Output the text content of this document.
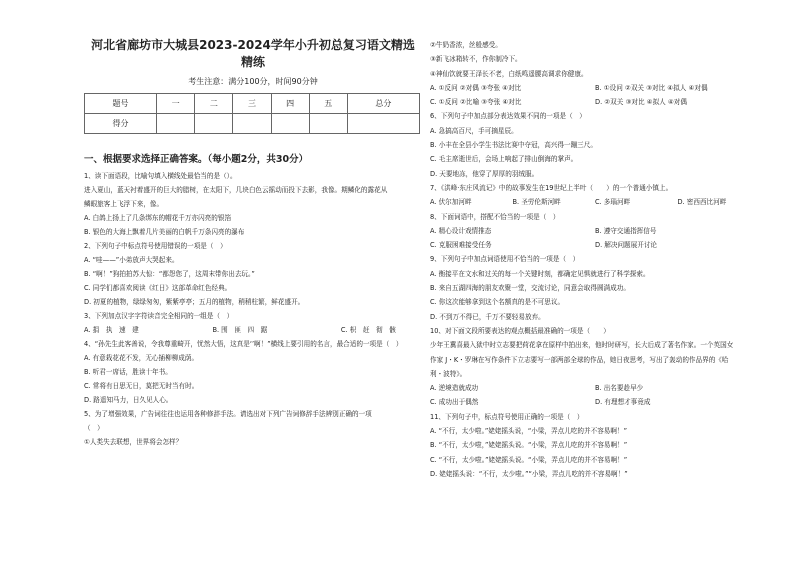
河北省廊坊市大城县2023-2024学年小升初总复习语文精选
精练
考生注意：满分100分，时间90分钟
题号	一	二	三	四	五	总分
得分						
一、根据要求选择正确答案。（每小题2分，共30分）
1、读下面语段，比喻句填入横线处最恰当的是（）。
进入夏山，蓝天衬着盛开的巨大的腊树，在太阳下，几块白色云摇动而投下去影，我像。期鳞化的露花从
鳞眼旅客上飞浮下来，像。
A. 白鸽上扬上了几条绑东的帽花千万亦闪亮的银箔
B. 银色的大海上飘着几片美丽的白帆千万条闪亮的瀑布
2、下列句子中标点符号使用错误的一项是（　）
A. “哇——”小弟放声大哭起来。
B. “啊！”狗拍拍苏大惊：“都怨您了，这周末带你出去玩。”
C. 同学们都喜欢阅读《红日》这部革命红色经典。
D. 初夏的植物，绿绿匆匆，紫紫亭亭；五月的植物，稍稍柱繁，鲜花盛开。
3、下列加点汉字字符读音完全相同的一组是（　）
A. 捐　执　速　建	B. 围　匪　四　踞	C. 枳　赶　彻　骸
4、“孙先生此客善说，令我尊重畸开，忧然大悟，这真是‘’啊！”横线上要引用的名言，最合适的一项是（　）
A. 有意栽花花不发，无心插柳柳成荫。
B. 听君一席话，胜读十年书。
C. 常将有日思无日，莫把无时当有时。
D. 路遥知马力，日久见人心。
5、为了增强效果，广告词往往也运用各种修辞手法。请选出对下列广告词修辞手法辨别正确的一项
（　）
①人类失去联想，世界将会怎样？
②牛奶香浓，丝般感受。
③新飞冰箱转不，作你制冷下。
④神仙饮就要王泽长不老，白纸鸣遥腰高调求你健康。
A. ①反问 ②对偶 ③夸张 ④对比	B. ①设问 ②双关 ③对比 ④拟人 ④对偶
C. ①反问 ②比喻 ③夸张 ④对比	D. ②双关 ③对比 ④拟人 ④对偶
6、下列句子中加点部分表达效果不同的一项是（　）
A. 急搞高百尺，手可摘星辰。
B. 小丰在全县小学生书法比赛中夺冠，高兴得一蹦三尺。
C. 毛主席逝世后，会场上响起了排山倒海的掌声。
D. 天要地冻，他穿了厚厚的羽绒服。
7、《洪峰·东庄风流记》中的故事发生在19世纪上半叶（　　）的一个普通小镇上。
A. 伏尔加河畔	B. 圣劳伦斯河畔	C. 多瑙河畔	D. 密西西比河畔
8、下面词语中，搭配不恰当的一项是（　）
A. 精心设计戏情推态	B. 遵守交通指挥信号
C. 克服困难接受任务	D. 解决问题展开讨论
9、下列句子中加点词语使用不恰当的一项是（　）
A. 衡接平在文水和过关的每一个关键时刻，都确定见惧就进行了科学探索。
B. 来自五湖四海的朋友欢聚一堂，交流讨论，同意会取得圆满成功。
C. 你这次能够拿到这个名额真的是不可思议。
D. 不到万不得已，千万不要轻易放弃。
10、对下面文段所要表达的观点概括最准确的一项是（　　）
少年王冀喜最入狱中时立志要把荷花拿在原样中拍出来，他时时研写，长大后成了著名作家。一个英国女
作家 J・K・罗琳在写作条件下立志要写一部两部全球的作品，她日夜思考，写出了轰动的作品界的《哈
利・波特》。
A. 逆境造就成功	B. 出名要趁早少
C. 成功出于偶然	D. 有理想才事竟成
11、下列句子中，标点符号使用正确的一项是（　）
A. “不行，太少啦。”姥姥摇头说，“小梁，弄点儿吃的并不容易啊！”
B. “不行，太少啦，”姥姥摇头说。“小梁，弄点儿吃的并不容易啊！”
C. “不行，太少啦。”姥姥摇头说。“小梁，弄点儿吃的并不容易啊！”
D. 姥姥摇头说：“不行，太少啦。”“小梁，弄点儿吃的并不容易啊！”
